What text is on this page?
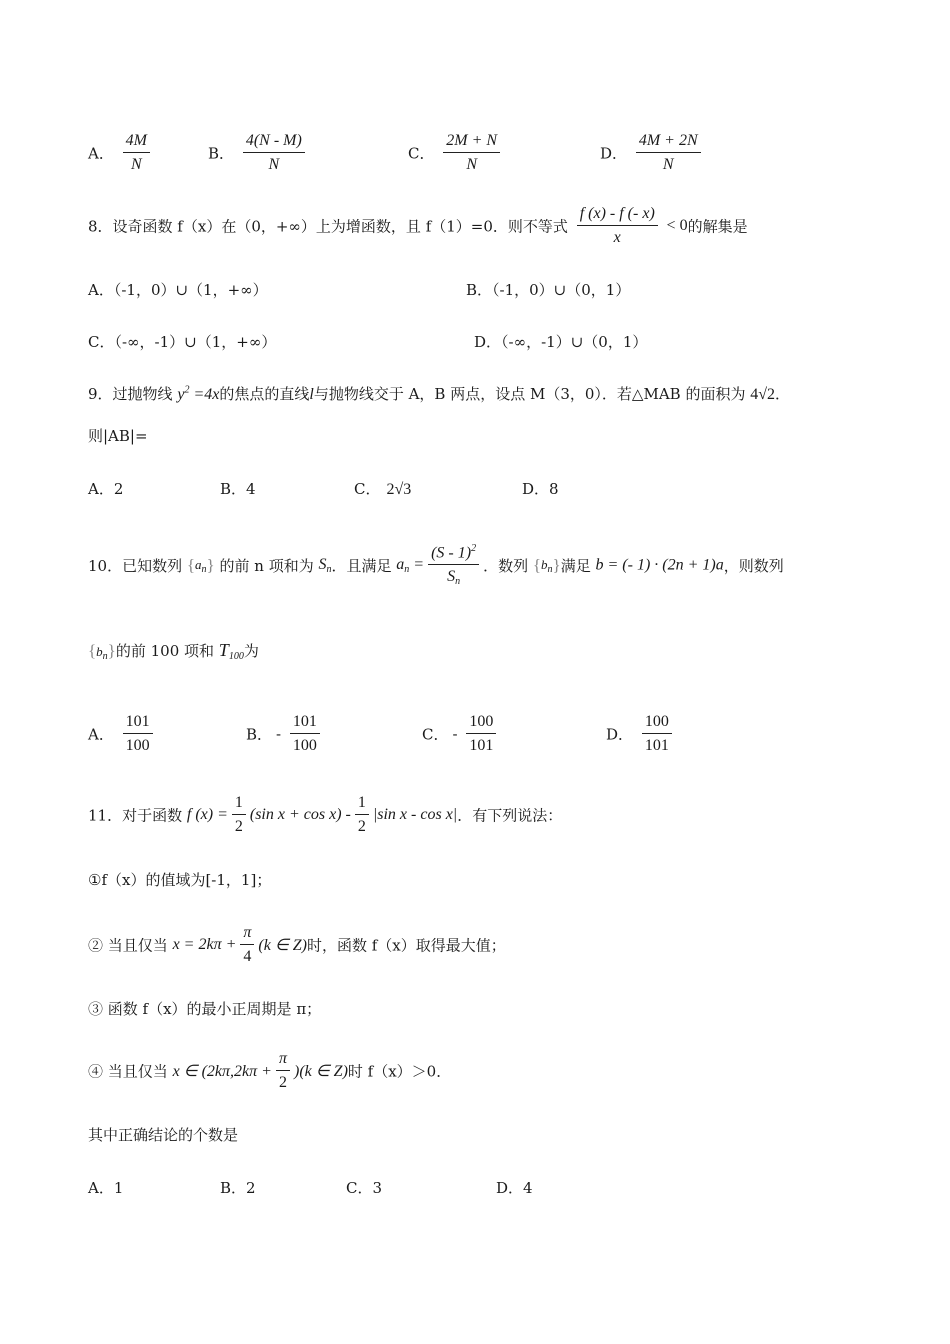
A． $\frac{4M}{N}$	B． $\frac{4(N - M)}{N}$	C． $\frac{2M + N}{N}$	D． $\frac{4M + 2N}{N}$
8．设奇函数 f（x）在（0，+∞）上为增函数，且 f（1）=0．则不等式 $\frac{f (x) - f (- x)}{x} < 0$的解集是
A．（-1，0）∪（1，+∞）	B．（-1，0）∪（0，1）
C．（-∞，-1）∪（1，+∞）	D．（-∞，-1）∪（0，1）
9．过抛物线 $y^2 =4x$的焦点的直线l与抛物线交于 A，B 两点，设点 M（3，0）．若△MAB 的面积为 4√2．
则|AB|=
A．2	B．4	C． 2√3	D．8
10．已知数列 $\{a_n\}$ 的前 n 项和为 Sn．且满足 an = $\frac{(S - 1)^2}{Sn}$ ．数列 $\{b_n\}$满足 b = (- 1) · (2n + 1)a，则数列
$\{b_n\}$的前 100 项和 T100为
A． $\frac{101}{100}$	B． - $\frac{101}{100}$	C． - $\frac{100}{101}$	D． $\frac{100}{101}$
11．对于函数 f $(x) = \frac{1}{2} (\sin$ $x + \cos x) - \frac{1}{2} |\sin$ x - cos x|．有下列说法：
①f（x）的值域为[-1，1]；
② 当且仅当 $x = 2k\pi + \frac{\pi}{4} (k$ ∈ Z)时，函数 f（x）取得最大值；
③ 函数 f（x）的最小正周期是 π；
④ 当且仅当 x ∈ $(2k\pi,2k\pi + \frac{\pi}{2} )(k$ ∈ Z)时 f（x）＞0．
其中正确结论的个数是
A．1	B．2	C．3	D．4
